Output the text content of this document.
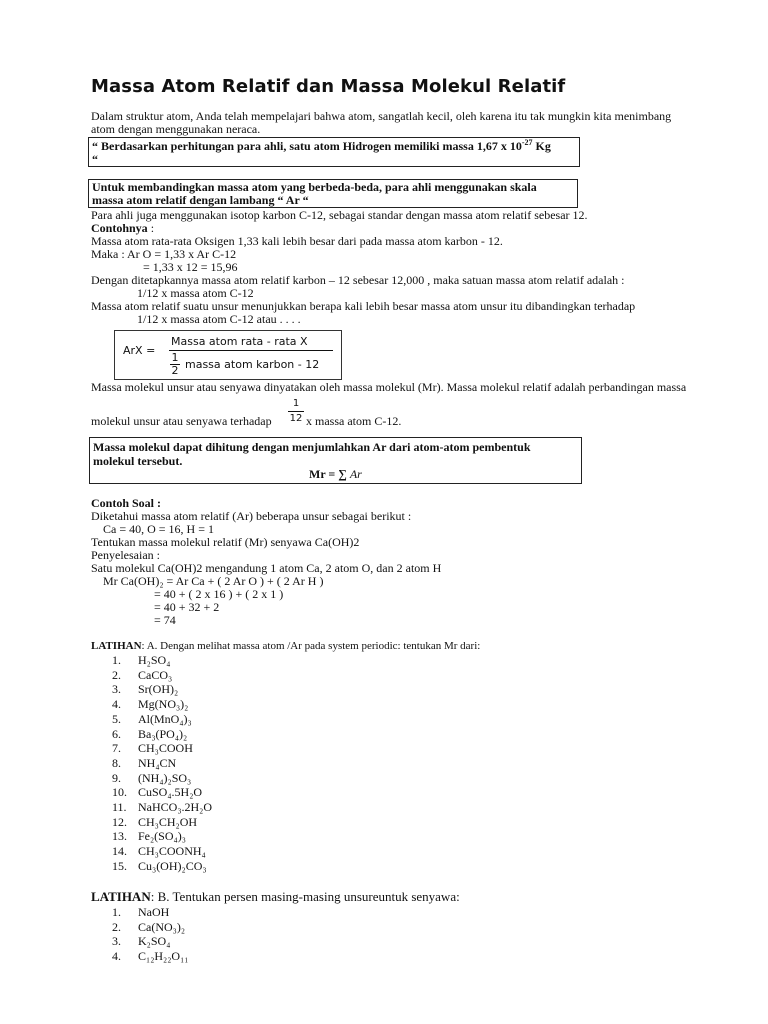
Massa Atom Relatif dan Massa Molekul Relatif
Dalam struktur atom, Anda telah mempelajari bahwa atom, sangatlah kecil, oleh karena itu tak mungkin kita menimbang
atom dengan menggunakan neraca.
“ Berdasarkan perhitungan para ahli, satu atom Hidrogen memiliki massa 1,67 x $10^{-27}$ Kg
“
Untuk membandingkan massa atom yang berbeda-beda, para ahli menggunakan skala
massa atom relatif dengan lambang “ Ar “
Para ahli juga menggunakan isotop karbon C-12, sebagai standar dengan massa atom relatif sebesar 12.
Contohnya :
Massa atom rata-rata Oksigen 1,33 kali lebih besar dari pada massa atom karbon - 12.
Maka : Ar O = 1,33 x Ar C-12
= 1,33 x 12 = 15,96
Dengan ditetapkannya massa atom relatif karbon – 12 sebesar 12,000 , maka satuan massa atom relatif adalah :
1/12 x massa atom C-12
Massa atom relatif suatu unsur menunjukkan berapa kali lebih besar massa atom unsur itu dibandingkan terhadap
1/12 x massa atom C-12 atau . . . .
ArX =
Massa atom rata - rata X
1
2 massa atom karbon - 12
Massa molekul unsur atau senyawa dinyatakan oleh massa molekul (Mr). Massa molekul relatif adalah perbandingan massa
molekul unsur atau senyawa terhadap
1
12 x massa atom C-12.
Massa molekul dapat dihitung dengan menjumlahkan Ar dari atom-atom pembentuk
molekul tersebut.
Mr = ∑ Ar
Contoh Soal :
Diketahui massa atom relatif (Ar) beberapa unsur sebagai berikut :
Ca = 40, O = 16, H = 1
Tentukan massa molekul relatif (Mr) senyawa Ca(OH)2
Penyelesaian :
Satu molekul Ca(OH)2 mengandung 1 atom Ca, 2 atom O, dan 2 atom H
Mr Ca(OH)₂ = Ar Ca + ( 2 Ar O ) + ( 2 Ar H )
= 40 + ( 2 x 16 ) + ( 2 x 1 )
= 40 + 32 + 2
= 74
LATIHAN: A. Dengan melihat massa atom /Ar pada system periodic: tentukan Mr dari:
1. H₂SO₄
2. CaCO₃
3. Sr(OH)₂
4. Mg(NO₃)₂
5. Al(MnO₄)₃
6. Ba₃(PO₄)₂
7. CH₃COOH
8. NH₄CN
9. (NH₄)₂SO₃
10. CuSO₄.5H₂O
11. NaHCO₃.2H₂O
12. CH₃CH₂OH
13. Fe₂(SO₄)₃
14. CH₃COONH₄
15. Cu₃(OH)₂CO₃
LATIHAN: B. Tentukan persen masing-masing unsureuntuk senyawa:
1. NaOH
2. Ca(NO₃)₂
3. K₂SO₄
4. C₁₂H₂₂O₁₁
